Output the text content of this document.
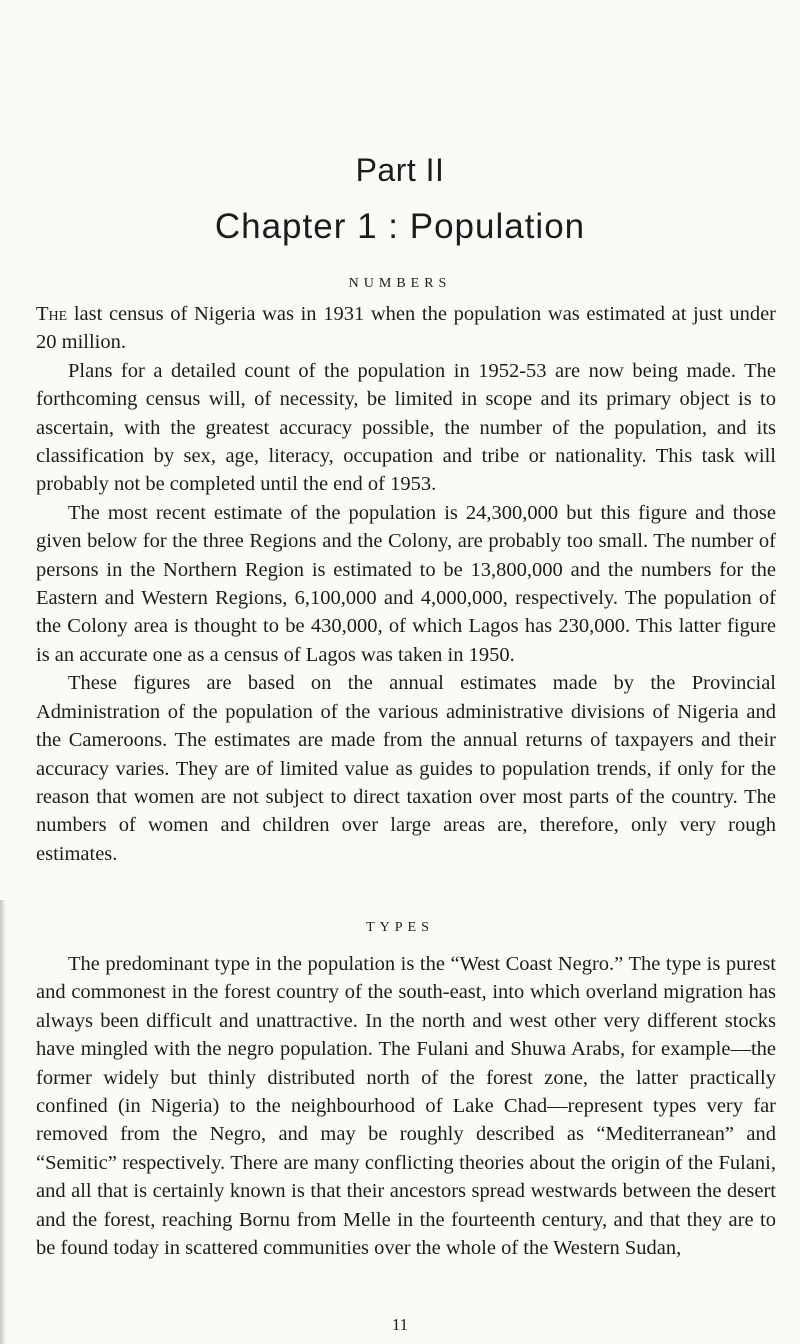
Part II
Chapter 1 : Population
NUMBERS

The last census of Nigeria was in 1931 when the population was estimated at just under 20 million.

Plans for a detailed count of the population in 1952-53 are now being made. The forthcoming census will, of necessity, be limited in scope and its primary object is to ascertain, with the greatest accuracy possible, the number of the population, and its classification by sex, age, literacy, occupation and tribe or nationality. This task will probably not be completed until the end of 1953.

The most recent estimate of the population is 24,300,000 but this figure and those given below for the three Regions and the Colony, are probably too small. The number of persons in the Northern Region is estimated to be 13,800,000 and the numbers for the Eastern and Western Regions, 6,100,000 and 4,000,000, respectively. The population of the Colony area is thought to be 430,000, of which Lagos has 230,000. This latter figure is an accurate one as a census of Lagos was taken in 1950.

These figures are based on the annual estimates made by the Provincial Administration of the population of the various administrative divisions of Nigeria and the Cameroons. The estimates are made from the annual returns of taxpayers and their accuracy varies. They are of limited value as guides to population trends, if only for the reason that women are not subject to direct taxation over most parts of the country. The numbers of women and children over large areas are, therefore, only very rough estimates.

TYPES

The predominant type in the population is the “West Coast Negro.” The type is purest and commonest in the forest country of the south-east, into which overland migration has always been difficult and unattractive. In the north and west other very different stocks have mingled with the negro population. The Fulani and Shuwa Arabs, for example—the former widely but thinly distributed north of the forest zone, the latter practically confined (in Nigeria) to the neighbourhood of Lake Chad—represent types very far removed from the Negro, and may be roughly described as “Mediterranean” and “Semitic” respectively. There are many conflicting theories about the origin of the Fulani, and all that is certainly known is that their ancestors spread westwards between the desert and the forest, reaching Bornu from Melle in the fourteenth century, and that they are to be found today in scattered communities over the whole of the Western Sudan,

11
